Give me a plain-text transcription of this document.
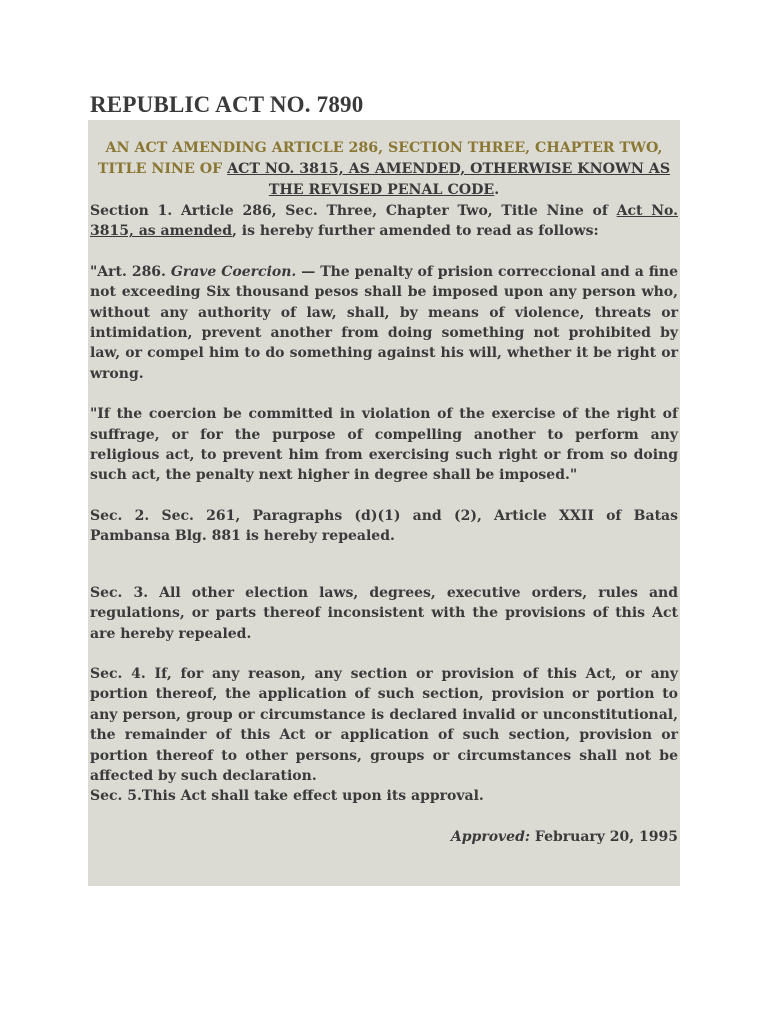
REPUBLIC ACT NO. 7890

AN ACT AMENDING ARTICLE 286, SECTION THREE, CHAPTER TWO, TITLE NINE OF ACT NO. 3815, AS AMENDED, OTHERWISE KNOWN AS THE REVISED PENAL CODE.

Section 1. Article 286, Sec. Three, Chapter Two, Title Nine of Act No. 3815, as amended, is hereby further amended to read as follows:

"Art. 286. Grave Coercion. — The penalty of prision correccional and a fine not exceeding Six thousand pesos shall be imposed upon any person who, without any authority of law, shall, by means of violence, threats or intimidation, prevent another from doing something not prohibited by law, or compel him to do something against his will, whether it be right or wrong.

"If the coercion be committed in violation of the exercise of the right of suffrage, or for the purpose of compelling another to perform any religious act, to prevent him from exercising such right or from so doing such act, the penalty next higher in degree shall be imposed."

Sec. 2. Sec. 261, Paragraphs (d)(1) and (2), Article XXII of Batas Pambansa Blg. 881 is hereby repealed.

Sec. 3. All other election laws, degrees, executive orders, rules and regulations, or parts thereof inconsistent with the provisions of this Act are hereby repealed.

Sec. 4. If, for any reason, any section or provision of this Act, or any portion thereof, the application of such section, provision or portion to any person, group or circumstance is declared invalid or unconstitutional, the remainder of this Act or application of such section, provision or portion thereof to other persons, groups or circumstances shall not be affected by such declaration.

Sec. 5.This Act shall take effect upon its approval.

Approved: February 20, 1995
